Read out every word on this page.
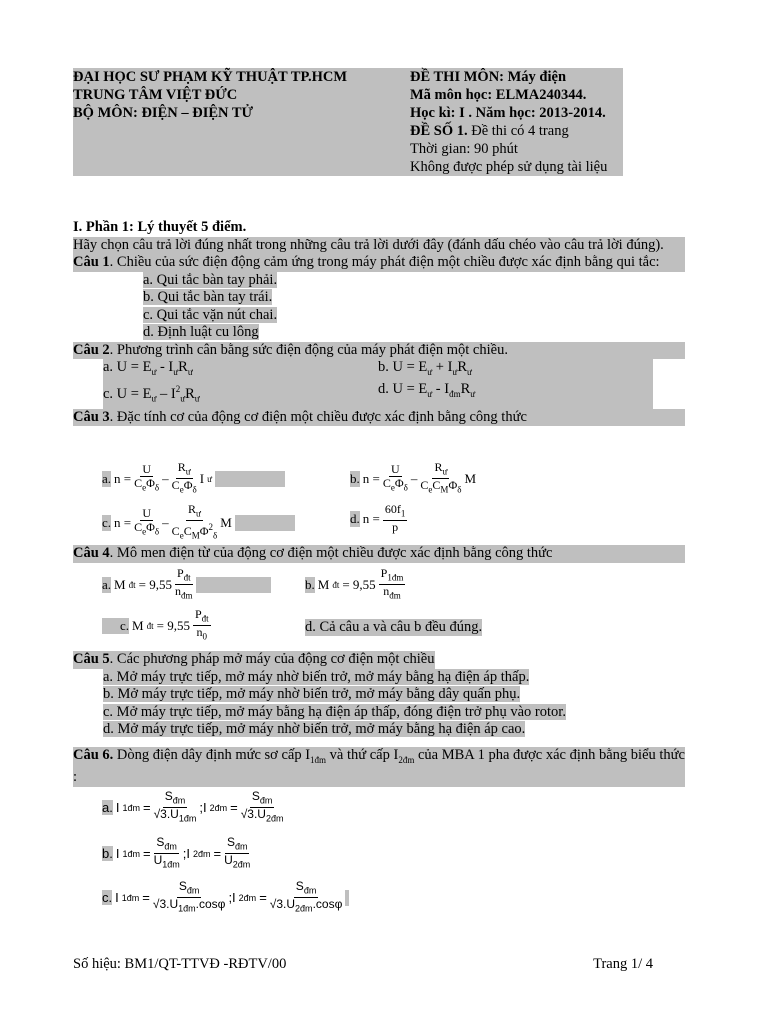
ĐẠI HỌC SƯ PHẠM KỸ THUẬT TP.HCM	ĐỀ THI MÔN: Máy điện
TRUNG TÂM VIỆT ĐỨC	Mã môn học: ELMA240344.
BỘ MÔN: ĐIỆN – ĐIỆN TỬ	Học kì: I . Năm học: 2013-2014.
ĐỀ SỐ 1. Đề thi có 4 trang
Thời gian: 90 phút
Không được phép sử dụng tài liệu

I. Phần 1: Lý thuyết 5 điểm.

Hãy chọn câu trả lời đúng nhất trong những câu trả lời dưới đây (đánh dấu chéo vào câu trả lời đúng).

Câu 1. Chiều của sức điện động cảm ứng trong máy phát điện một chiều được xác định bằng qui tắc:

a. Qui tắc bàn tay phải.
b. Qui tắc bàn tay trái.
c. Qui tắc vặn nút chai.
d. Định luật cu lông

Câu 2. Phương trình cân bằng sức điện động của máy phát điện một chiều.

a. $U = E_ư - I_ưR_ư$	b. $U = E_ư + I_ưR_ư$
c. $U = E_ư - I^2_ưR_ư$
d. $U = E_ư - I_{đm}R_ư$

Câu 3. Đặc tính cơ của động cơ điện một chiều được xác định bằng công thức

a. $n = \frac{U}{C_e\Phi_\delta} - \frac{R_ư}{C_e\Phi_\delta}$ I ư	b. $n = \frac{U}{C_e\Phi_\delta} - \frac{R_ư}{C_eC_M\Phi_\delta}$ M
c. $n = \frac{U}{C_e\Phi_\delta} - \frac{R_ư}{C_eC_M\Phi^2_\delta}$ M	d. $n = \frac{60f_1}{p}$
Câu 4. Mô men điện từ của động cơ điện một chiều được xác định bằng công thức
a. M đt = $9,55 \frac{P_{đt}}{n_{đm}}$	b. M đt = $9,55 \frac{P_{1đm}}{n_{đm}}$
c. M đt = $9,55 \frac{P_{đt}}{n_0}$	d. Cả câu a và câu b đều đúng.

Câu 5. Các phương pháp mở máy của động cơ điện một chiều

a. Mở máy trực tiếp, mở máy nhờ biến trở, mở máy bằng hạ điện áp thấp.
b. Mở máy trực tiếp, mở máy nhờ biến trở, mở máy bằng dây quấn phụ.
c. Mở máy trực tiếp, mở máy bằng hạ điện áp thấp, đóng điện trở phụ vào rotor.
d. Mở máy trực tiếp, mở máy nhờ biến trở, mở máy bằng hạ điện áp cao.
Câu 6. Dòng điện dây định mức sơ cấp $I_{1đm}$ và thứ cấp $I_{2đm}$ của MBA 1 pha được xác định bằng biểu thức :
a. I 1đm = $\frac{S_{đm}}{√3.U_{1đm}}$ ;I 2đm = $\frac{S_{đm}}{√3.U_{2đm}}$
b. I 1đm = $\frac{S_{đm}}{U_{1đm}}$ ;I 2đm = $\frac{S_{đm}}{U_{2đm}}$
c. I 1đm = $\frac{S_{đm}}{√3.U_{1đm}.\cos\varphi}$ ;I 2đm = $\frac{S_{đm}}{√3.U_{2đm}.\cos\varphi}$
Số hiệu: BM1/QT-TTVĐ -RĐTV/00	Trang 1/ 4
